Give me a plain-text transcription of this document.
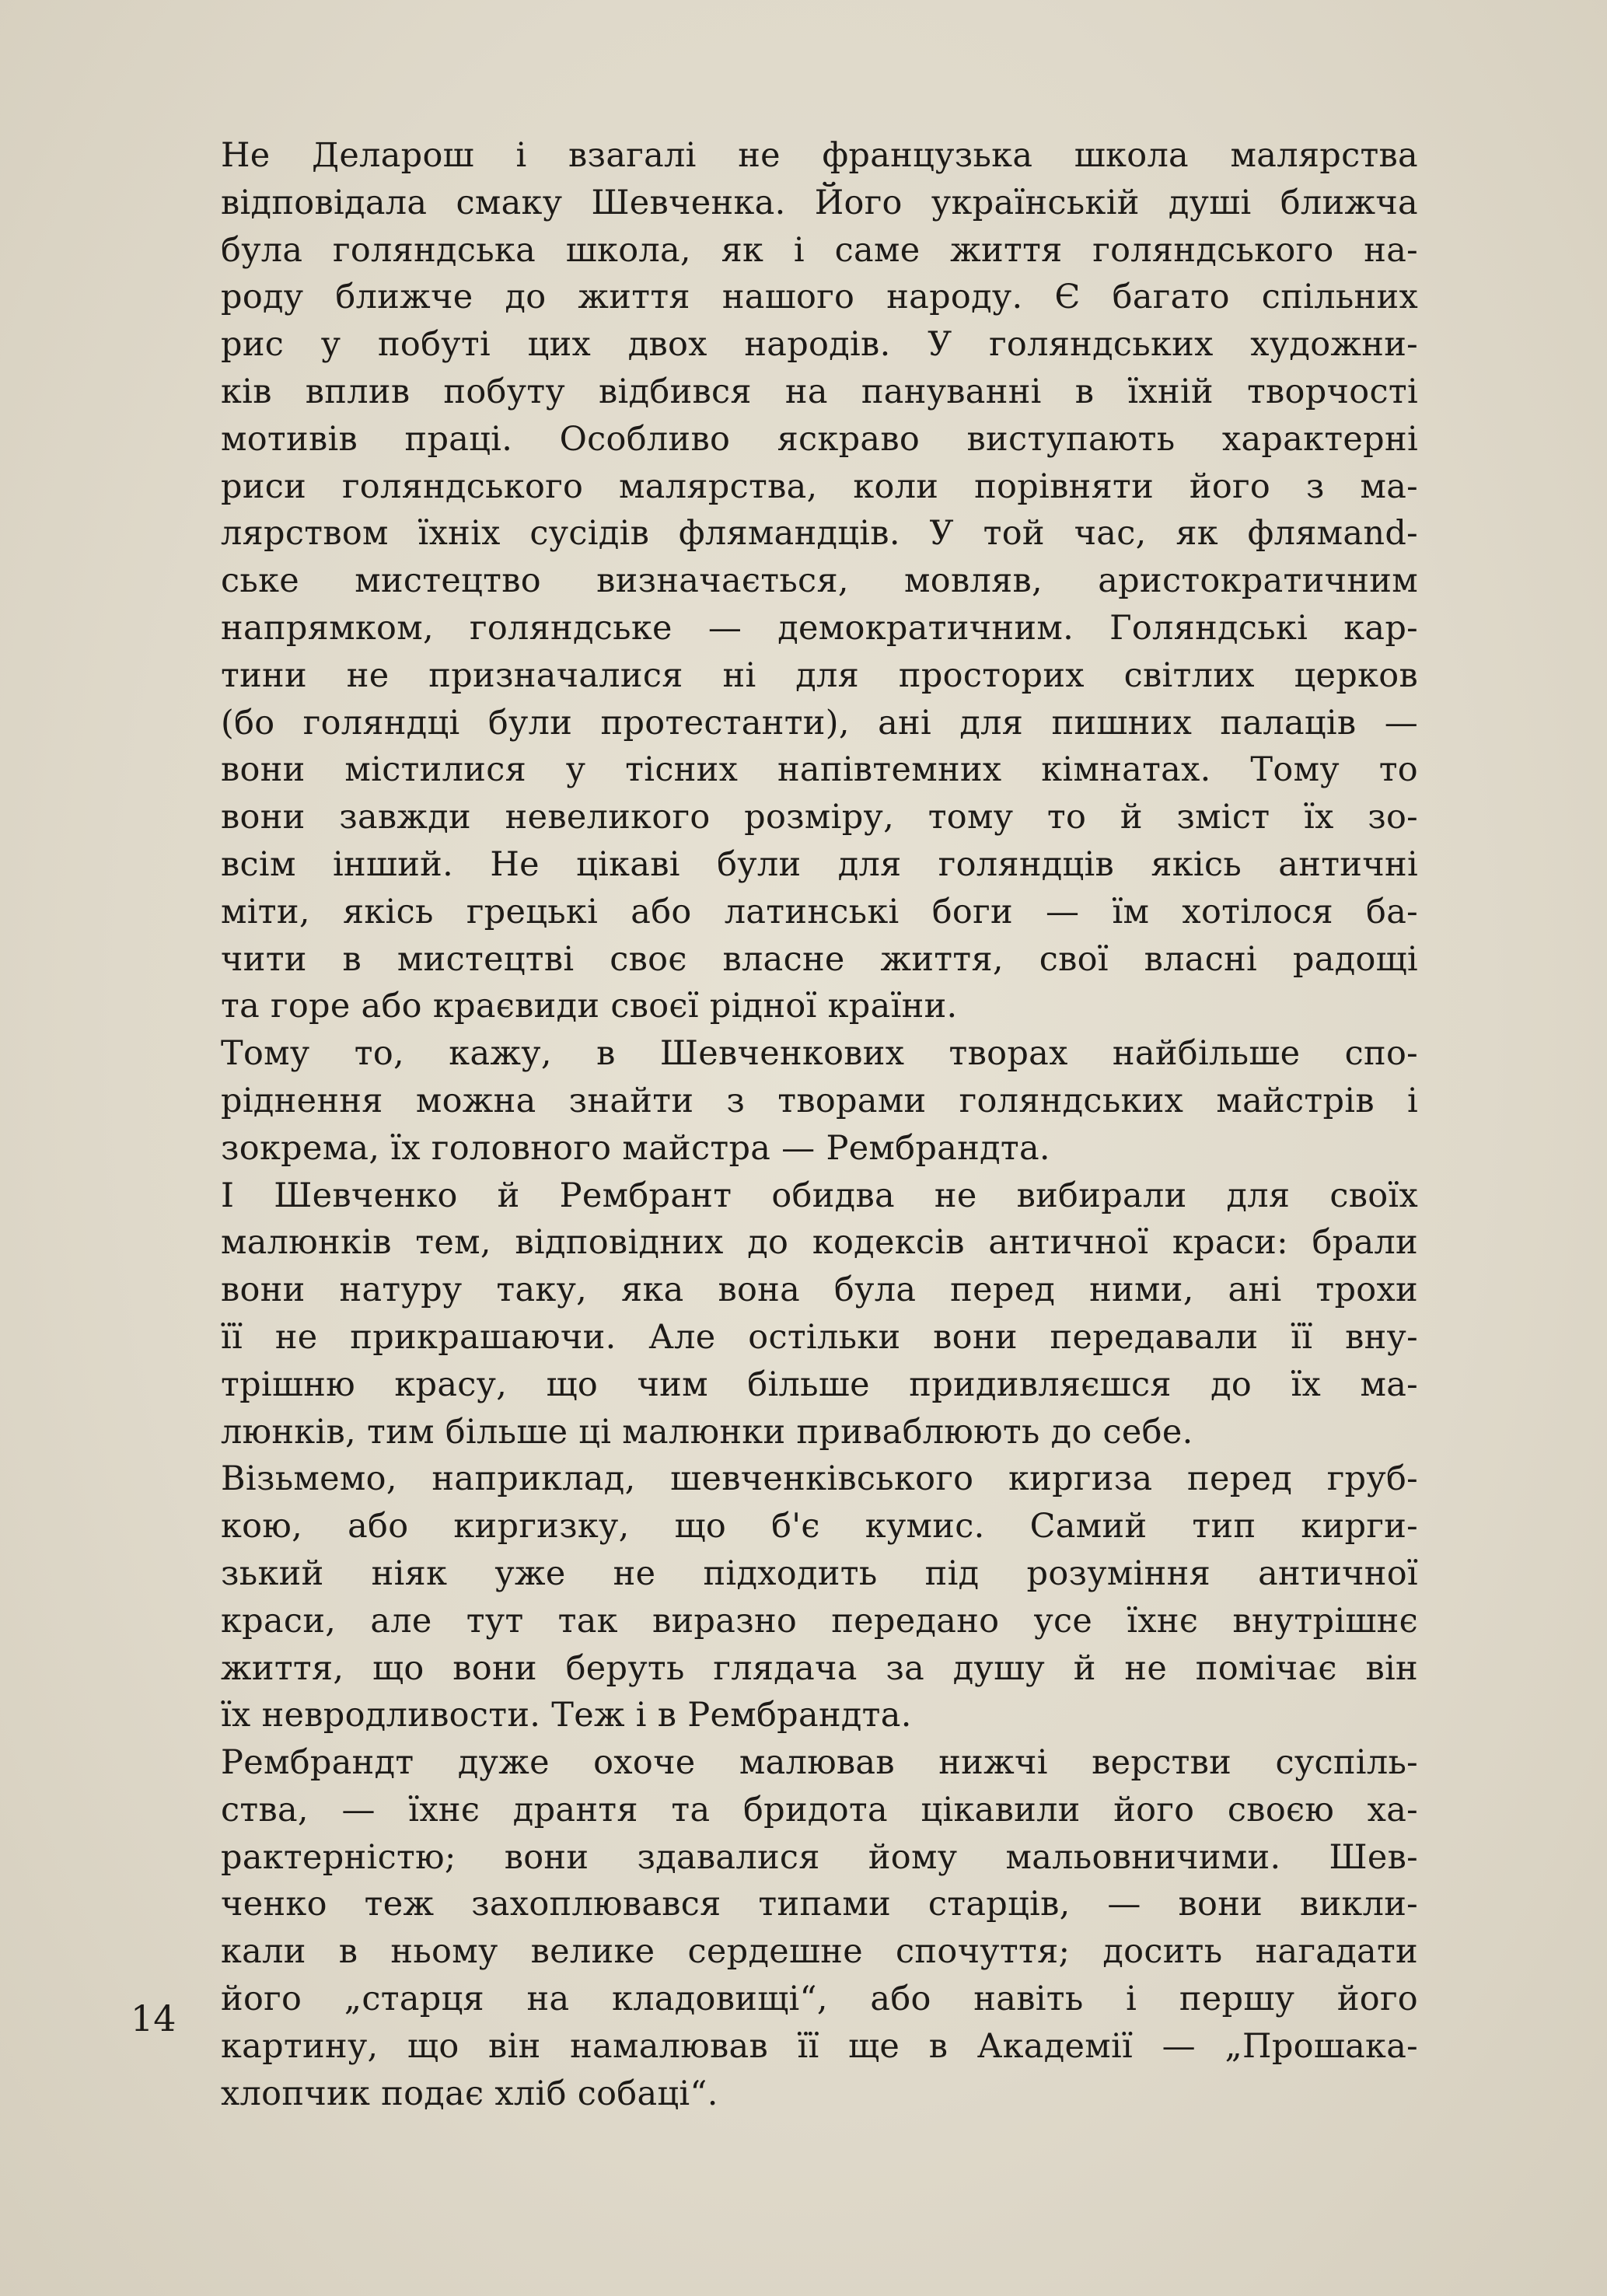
Не Деларош і взагалі не французька школа малярства
відповідала смаку Шевченка. Його українській душі ближча
була голяндська школа, як і саме життя голяндського на-
роду ближче до життя нашого народу. Є багато спільних
рис у побуті цих двох народів. У голяндських художни-
ків вплив побуту відбився на пануванні в їхній творчості
мотивів праці. Особливо яскраво виступають характерні
риси голяндського малярства, коли порівняти його з ма-
лярством їхніх сусідів флямандців. У той час, як флямand-
ське мистецтво визначається, мовляв, аристократичним
напрямком, голяндське — демократичним. Голяндські кар-
тини не призначалися ні для просторих світлих церков
(бо голяндці були протестанти), ані для пишних палаців —
вони містилися у тісних напівтемних кімнатах. Тому то
вони завжди невеликого розміру, тому то й зміст їх зо-
всім інший. Не цікаві були для голяндців якісь античні
міти, якісь грецькі або латинські боги — їм хотілося ба-
чити в мистецтві своє власне життя, свої власні радощі
та горе або краєвиди своєї рідної країни.
Тому то, кажу, в Шевченкових творах найбільше спо-
ріднення можна знайти з творами голяндських майстрів і
зокрема, їх головного майстра — Рембрандта.
І Шевченко й Рембрант обидва не вибирали для своїх
малюнків тем, відповідних до кодексів античної краси: брали
вони натуру таку, яка вона була перед ними, ані трохи
її не прикрашаючи. Але остільки вони передавали її вну-
трішню красу, що чим більше придивляєшся до їх ма-
люнків, тим більше ці малюнки приваблюють до себе.
Візьмемо, наприклад, шевченківського киргиза перед груб-
кою, або киргизку, що б'є кумис. Самий тип кирги-
зький ніяк уже не підходить під розуміння античної
краси, але тут так виразно передано усе їхнє внутрішнє
життя, що вони беруть глядача за душу й не помічає він
їх невродливости. Теж і в Рембрандта.
Рембрандт дуже охоче малював нижчі верстви суспіль-
ства, — їхнє дрантя та бридота цікавили його своєю ха-
рактерністю; вони здавалися йому мальовничими. Шев-
ченко теж захоплювався типами старців, — вони викли-
кали в ньому велике сердешне спочуття; досить нагадати
його „старця на кладовищі“, або навіть і першу його
картину, що він намалював її ще в Академії — „Прошака-
хлопчик подає хліб собаці“.
14
